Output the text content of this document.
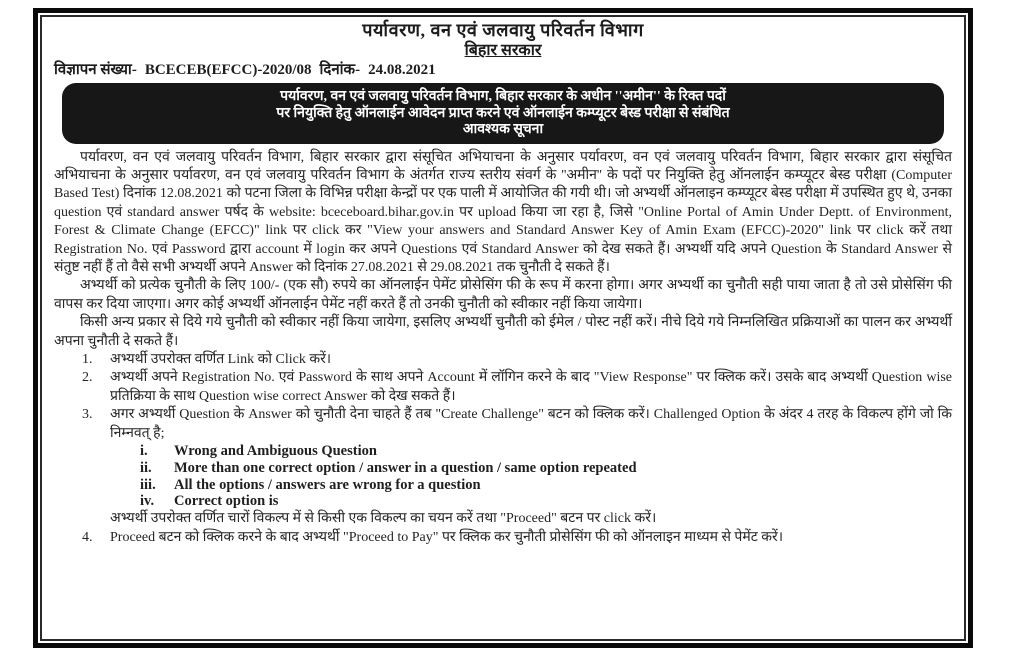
पर्यावरण, वन एवं जलवायु परिवर्तन विभाग
बिहार सरकार
विज्ञापन संख्या- BCECEB(EFCC)-2020/08 दिनांक- 24.08.2021
पर्यावरण, वन एवं जलवायु परिवर्तन विभाग, बिहार सरकार के अधीन ''अमीन'' के रिक्त पदों
पर नियुक्ति हेतु ऑनलाईन आवेदन प्राप्त करने एवं ऑनलाईन कम्प्यूटर बेस्ड परीक्षा से संबंधित
आवश्यक सूचना
पर्यावरण, वन एवं जलवायु परिवर्तन विभाग, बिहार सरकार द्वारा संसूचित अभियाचना के अनुसार पर्यावरण, वन एवं जलवायु परिवर्तन विभाग, बिहार सरकार द्वारा संसूचित अभियाचना के अनुसार पर्यावरण, वन एवं जलवायु परिवर्तन विभाग के अंतर्गत राज्य स्तरीय संवर्ग के ''अमीन'' के पदों पर नियुक्ति हेतु ऑनलाईन कम्प्यूटर बेस्ड परीक्षा (Computer Based Test) दिनांक 12.08.2021 को पटना जिला के विभिन्न परीक्षा केन्द्रों पर एक पाली में आयोजित की गयी थी। जो अभ्यर्थी ऑनलाइन कम्प्यूटर बेस्ड परीक्षा में उपस्थित हुए थे, उनका question एवं standard answer पर्षद के website: bceceboard.bihar.gov.in पर upload किया जा रहा है, जिसे "Online Portal of Amin Under Deptt. of Environment, Forest & Climate Change (EFCC)" link पर click कर "View your answers and Standard Answer Key of Amin Exam (EFCC)-2020" link पर click करें तथा Registration No. एवं Password द्वारा account में login कर अपने Questions एवं Standard Answer को देख सकते हैं। अभ्यर्थी यदि अपने Question के Standard Answer से संतुष्ट नहीं हैं तो वैसे सभी अभ्यर्थी अपने Answer को दिनांक 27.08.2021 से 29.08.2021 तक चुनौती दे सकते हैं।
अभ्यर्थी को प्रत्येक चुनौती के लिए 100/- (एक सौ) रुपये का ऑनलाईन पेमेंट प्रोसेसिंग फी के रूप में करना होगा। अगर अभ्यर्थी का चुनौती सही पाया जाता है तो उसे प्रोसेसिंग फी वापस कर दिया जाएगा। अगर कोई अभ्यर्थी ऑनलाईन पेमेंट नहीं करते हैं तो उनकी चुनौती को स्वीकार नहीं किया जायेगा।
किसी अन्य प्रकार से दिये गये चुनौती को स्वीकार नहीं किया जायेगा, इसलिए अभ्यर्थी चुनौती को ईमेल / पोस्ट नहीं करें। नीचे दिये गये निम्नलिखित प्रक्रियाओं का पालन कर अभ्यर्थी अपना चुनौती दे सकते हैं।
1. अभ्यर्थी उपरोक्त वर्णित Link को Click करें।
2. अभ्यर्थी अपने Registration No. एवं Password के साथ अपने Account में लॉगिन करने के बाद "View Response" पर क्लिक करें। उसके बाद अभ्यर्थी Question wise प्रतिक्रिया के साथ Question wise correct Answer को देख सकते हैं।
3. अगर अभ्यर्थी Question के Answer को चुनौती देना चाहते हैं तब "Create Challenge" बटन को क्लिक करें। Challenged Option के अंदर 4 तरह के विकल्प होंगे जो कि निम्नवत् है;
i. Wrong and Ambiguous Question
ii. More than one correct option / answer in a question / same option repeated
iii. All the options / answers are wrong for a question
iv. Correct option is
अभ्यर्थी उपरोक्त वर्णित चारों विकल्प में से किसी एक विकल्प का चयन करें तथा "Proceed" बटन पर click करें।
4. Proceed बटन को क्लिक करने के बाद अभ्यर्थी "Proceed to Pay" पर क्लिक कर चुनौती प्रोसेसिंग फी को ऑनलाइन माध्यम से पेमेंट करें।
